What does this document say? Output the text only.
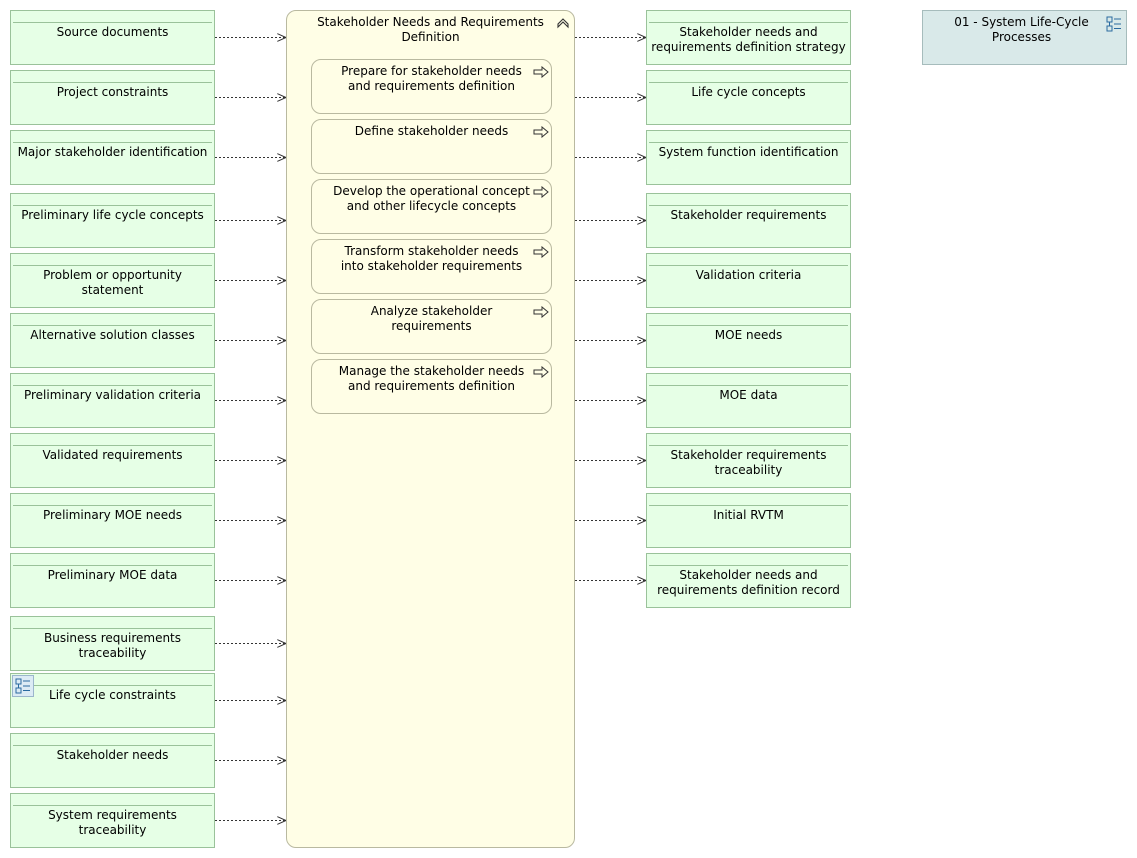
Source documents
Project constraints
Major stakeholder identification
Preliminary life cycle concepts
Problem or opportunity statement
Alternative solution classes
Preliminary validation criteria
Validated requirements
Preliminary MOE needs
Preliminary MOE data
Business requirements traceability
Life cycle constraints
Stakeholder needs
System requirements traceability
Stakeholder Needs and Requirements Definition
Prepare for stakeholder needs and requirements definition
Define stakeholder needs
Develop the operational concept and other lifecycle concepts
Transform stakeholder needs into stakeholder requirements
Analyze stakeholder requirements
Manage the stakeholder needs and requirements definition
Stakeholder needs and requirements definition strategy
Life cycle concepts
System function identification
Stakeholder requirements
Validation criteria
MOE needs
MOE data
Stakeholder requirements traceability
Initial RVTM
Stakeholder needs and requirements definition record
01 - System Life-Cycle Processes
